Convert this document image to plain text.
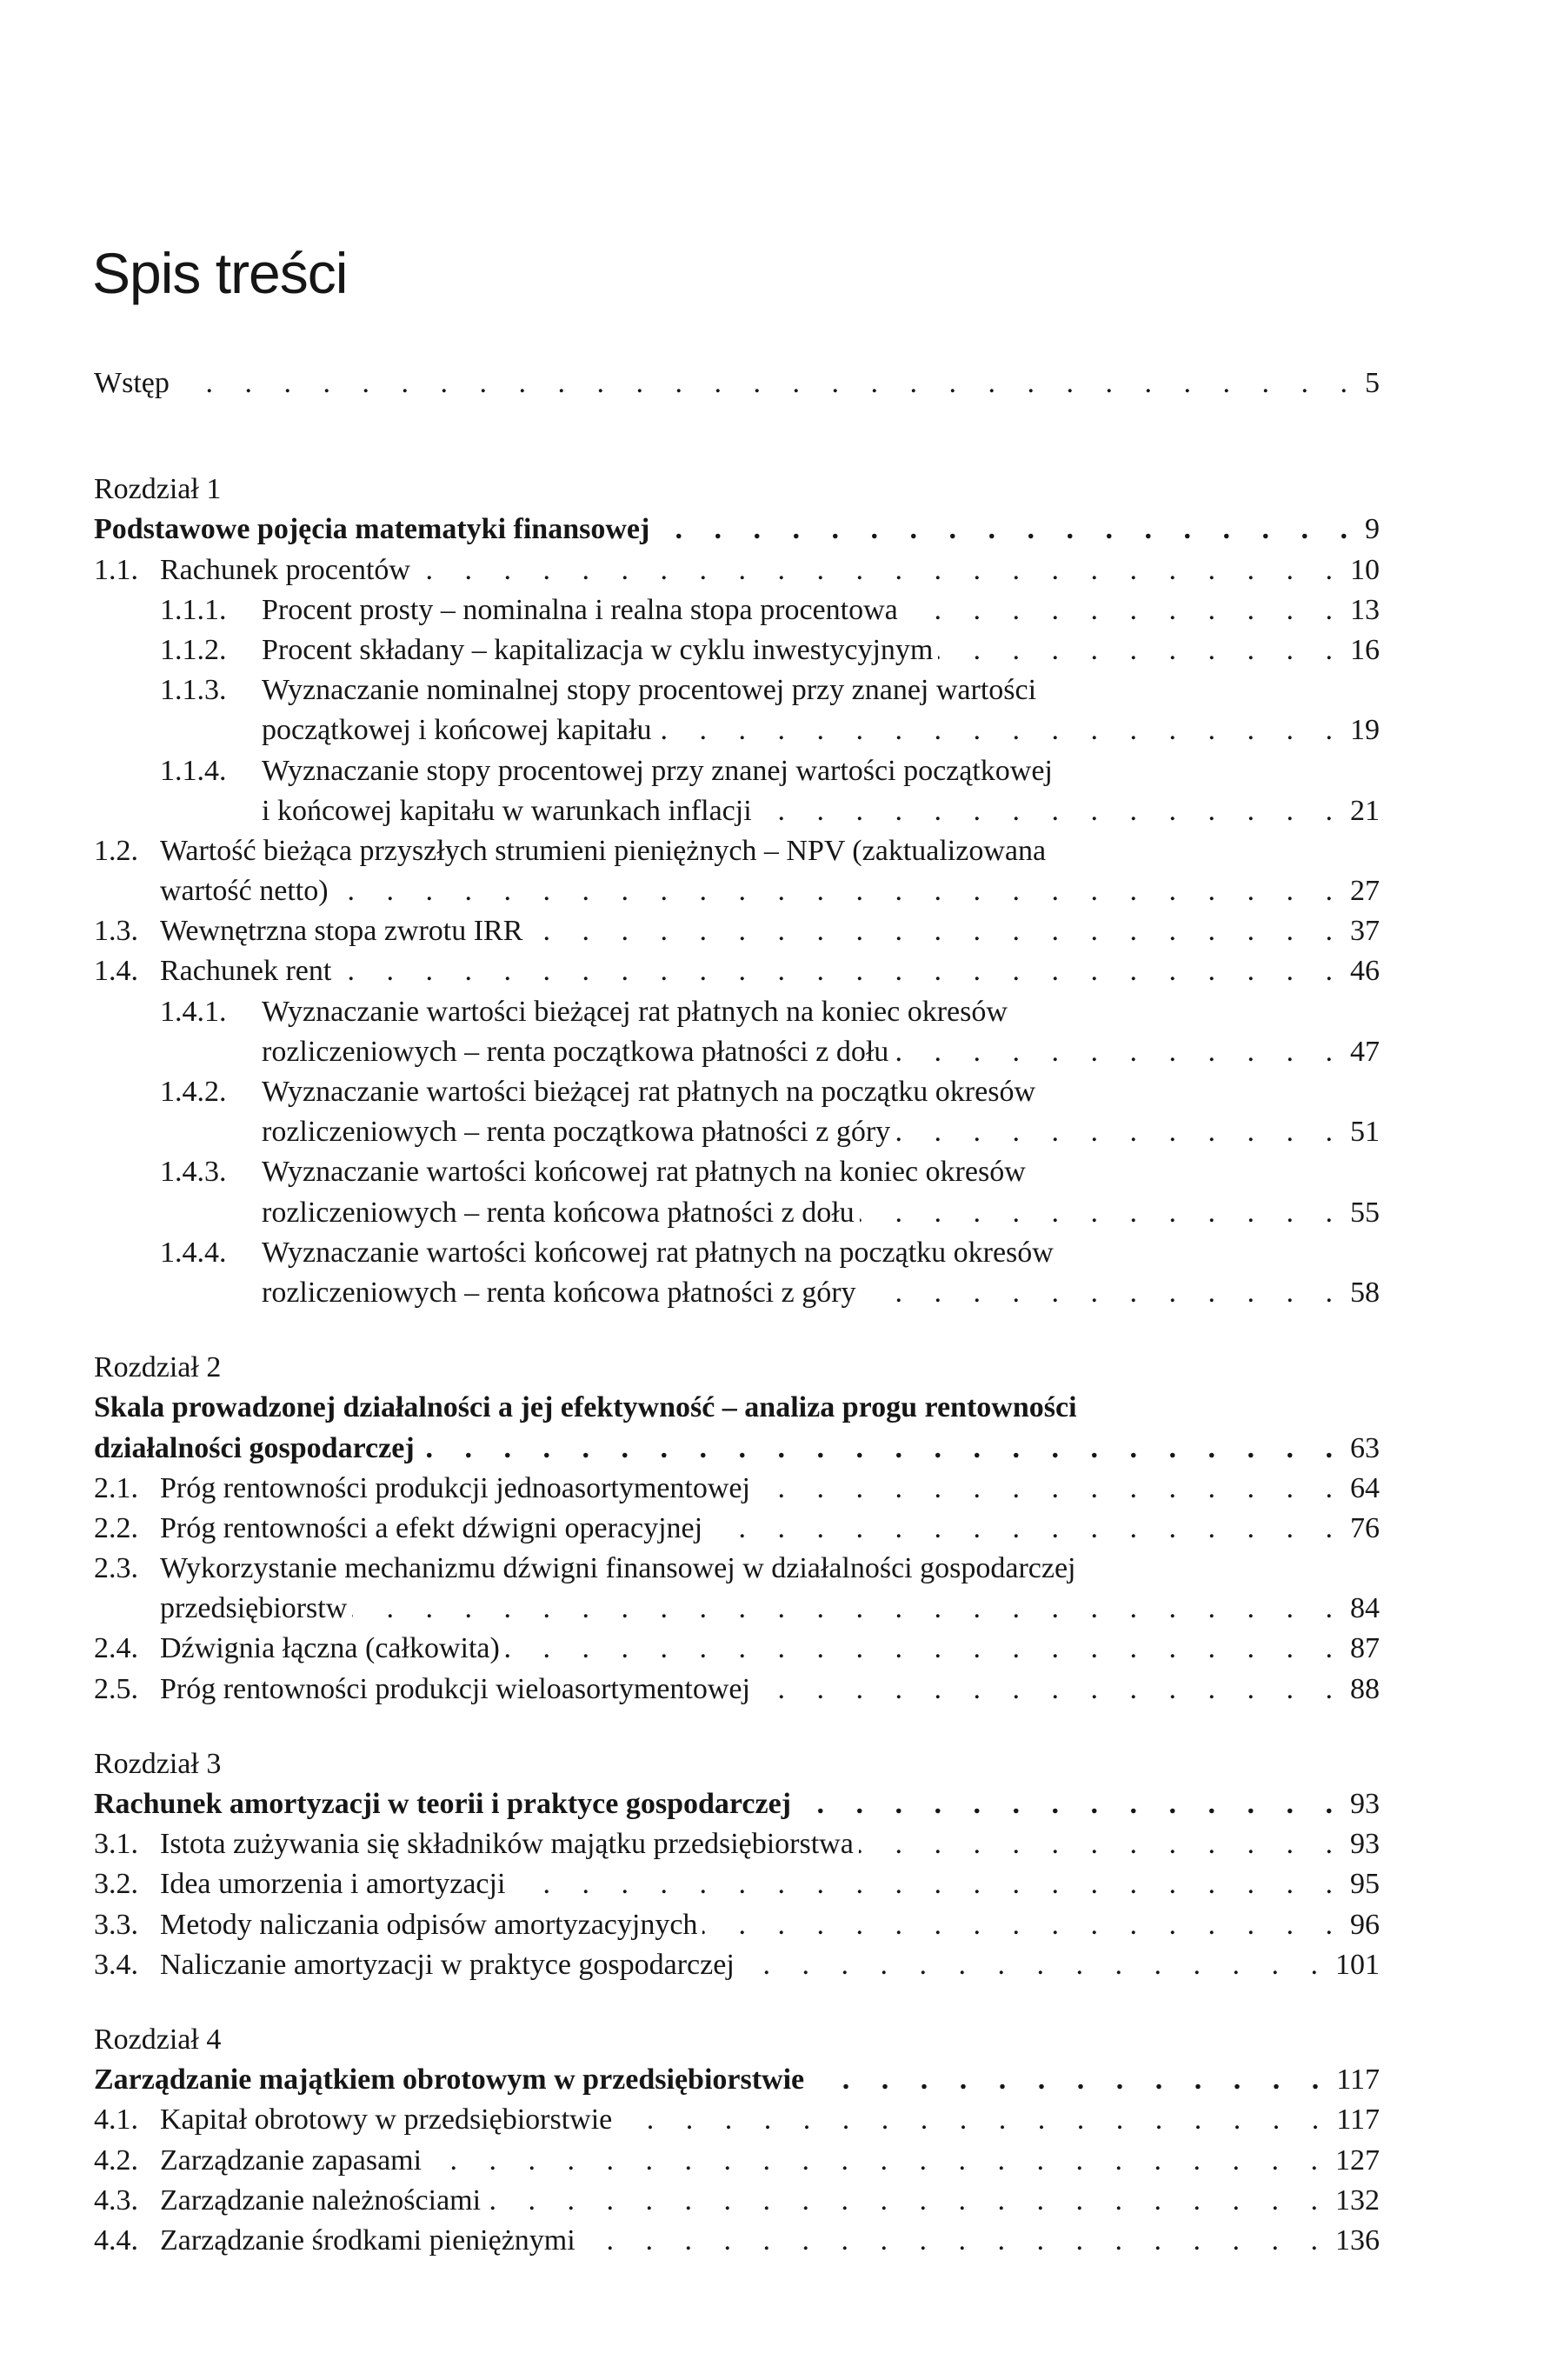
Spis treści
Wstęp . . .	5
Rozdział 1
Podstawowe pojęcia matematyki finansowej . . .	9
1.1. Rachunek procentów . . .	10
1.1.1. Procent prosty – nominalna i realna stopa procentowa . . .	13
1.1.2. Procent składany – kapitalizacja w cyklu inwestycyjnym . . .	16
1.1.3. Wyznaczanie nominalnej stopy procentowej przy znanej wartości
początkowej i końcowej kapitału . . .	19
1.1.4. Wyznaczanie stopy procentowej przy znanej wartości początkowej
i końcowej kapitału w warunkach inflacji . . .	21
1.2. Wartość bieżąca przyszłych strumieni pieniężnych – NPV (zaktualizowana
wartość netto) . . .	27
1.3. Wewnętrzna stopa zwrotu IRR . . .	37
1.4. Rachunek rent . . .	46
1.4.1. Wyznaczanie wartości bieżącej rat płatnych na koniec okresów
rozliczeniowych – renta początkowa płatności z dołu . . .	47
1.4.2. Wyznaczanie wartości bieżącej rat płatnych na początku okresów
rozliczeniowych – renta początkowa płatności z góry . . .	51
1.4.3. Wyznaczanie wartości końcowej rat płatnych na koniec okresów
rozliczeniowych – renta końcowa płatności z dołu . . .	55
1.4.4. Wyznaczanie wartości końcowej rat płatnych na początku okresów
rozliczeniowych – renta końcowa płatności z góry . . .	58
Rozdział 2
Skala prowadzonej działalności a jej efektywność – analiza progu rentowności
działalności gospodarczej . . .	63
2.1. Próg rentowności produkcji jednoasortymentowej . . .	64
2.2. Próg rentowności a efekt dźwigni operacyjnej . . .	76
2.3. Wykorzystanie mechanizmu dźwigni finansowej w działalności gospodarczej
przedsiębiorstw . . .	84
2.4. Dźwignia łączna (całkowita) . . .	87
2.5. Próg rentowności produkcji wieloasortymentowej . . .	88
Rozdział 3
Rachunek amortyzacji w teorii i praktyce gospodarczej . . .	93
3.1. Istota zużywania się składników majątku przedsiębiorstwa . . .	93
3.2. Idea umorzenia i amortyzacji . . .	95
3.3. Metody naliczania odpisów amortyzacyjnych . . .	96
3.4. Naliczanie amortyzacji w praktyce gospodarczej . . .	101
Rozdział 4
Zarządzanie majątkiem obrotowym w przedsiębiorstwie . . .	117
4.1. Kapitał obrotowy w przedsiębiorstwie . . .	117
4.2. Zarządzanie zapasami . . .	127
4.3. Zarządzanie należnościami . . .	132
4.4. Zarządzanie środkami pieniężnymi . . .	136
